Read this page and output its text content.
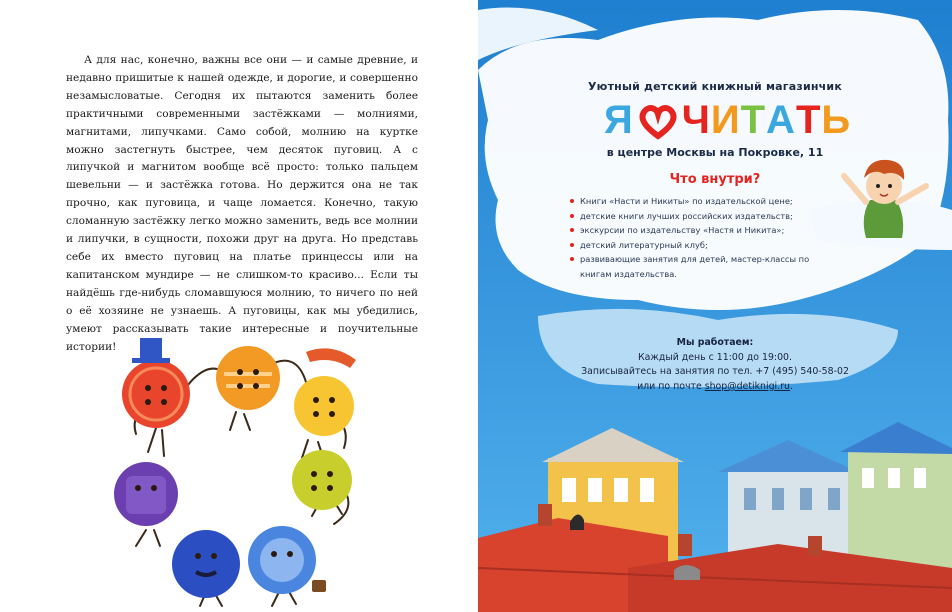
А для нас, конечно, важны все они — и самые древние, и недавно пришитые к нашей одежде, и дорогие, и совершенно незамысловатые. Сегодня их пытаются заменить более практичными современными застёжками — молниями, магнитами, липучками. Само собой, молнию на куртке можно застегнуть быстрее, чем десяток пуговиц. А с липучкой и магнитом вообще всё просто: только пальцем шевельни — и застёжка готова. Но держится она не так прочно, как пуговица, и чаще ломается. Конечно, такую сломанную застёжку легко можно заменить, ведь все молнии и липучки, в сущности, похожи друг на друга. Но представь себе их вместо пуговиц на платье принцессы или на капитанском мундире — не слишком-то красиво... Если ты найдёшь где-нибудь сломавшуюся молнию, то ничего по ней о её хозяине не узнаешь. А пуговицы, как мы убедились, умеют рассказывать такие интересные и поучительные истории!

Уютный детский книжный магазинчик
Я ЧИТАТЬ
в центре Москвы на Покровке, 11
Что внутри?
Книги «Насти и Никиты» по издательской цене;
детские книги лучших российских издательств;
экскурсии по издательству «Настя и Никита»;
детский литературный клуб;
развивающие занятия для детей, мастер-классы по книгам издательства.
Мы работаем:
Каждый день с 11:00 до 19:00.
Записывайтесь на занятия по тел. +7 (495) 540-58-02
или по почте shop@detiknigi.ru.
